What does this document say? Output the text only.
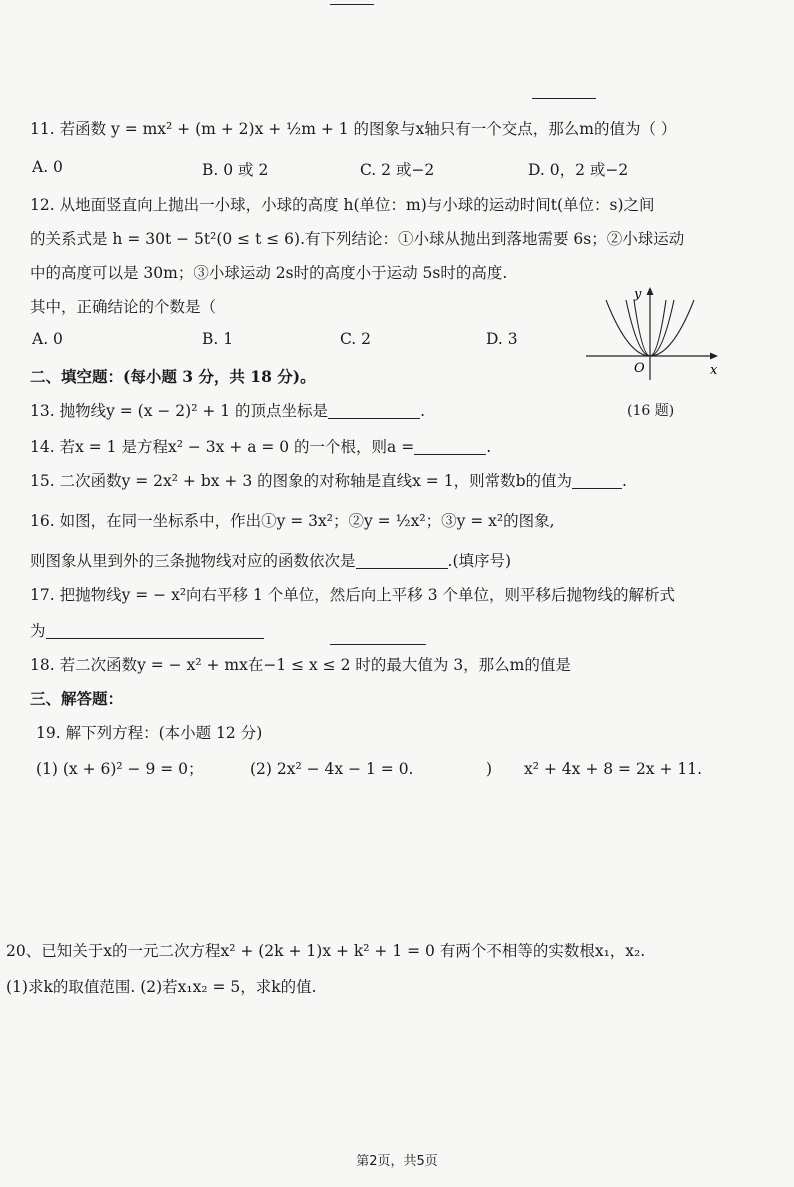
11. 若函数 y = mx² + (m + 2)x + ½m + 1 的图象与x轴只有一个交点，那么m的值为（ ）
A. 0	B. 0 或 2	C. 2 或−2	D. 0，2 或−2
12. 从地面竖直向上抛出一小球，小球的高度 h(单位：m)与小球的运动时间t(单位：s)之间
的关系式是 h = 30t − 5t²(0 ≤ t ≤ 6).有下列结论：①小球从抛出到落地需要 6s；②小球运动
中的高度可以是 30m；③小球运动 2s时的高度小于运动 5s时的高度.
其中，正确结论的个数是（
A. 0	B. 1	C. 2	D. 3
y
x
O
(16 题)
二、填空题：(每小题 3 分，共 18 分)。
13. 抛物线y = (x − 2)² + 1 的顶点坐标是	.
14. 若x = 1 是方程x² − 3x + a = 0 的一个根，则a =	.
15. 二次函数y = 2x² + bx + 3 的图象的对称轴是直线x = 1，则常数b的值为	.
16. 如图，在同一坐标系中，作出①y = 3x²；②y = ½x²；③y = x²的图象,
则图象从里到外的三条抛物线对应的函数依次是	.(填序号)
17. 把抛物线y = − x²向右平移 1 个单位，然后向上平移 3 个单位，则平移后抛物线的解析式
为
18. 若二次函数y = − x² + mx在−1 ≤ x ≤ 2 时的最大值为 3，那么m的值是
三、解答题：
19. 解下列方程：(本小题 12 分)
(1) (x + 6)² − 9 = 0；	(2) 2x² − 4x − 1 = 0.	) x² + 4x + 8 = 2x + 11.
20、已知关于x的一元二次方程x² + (2k + 1)x + k² + 1 = 0 有两个不相等的实数根x₁，x₂.
(1)求k的取值范围. (2)若x₁x₂ = 5，求k的值.
第2页，共5页
